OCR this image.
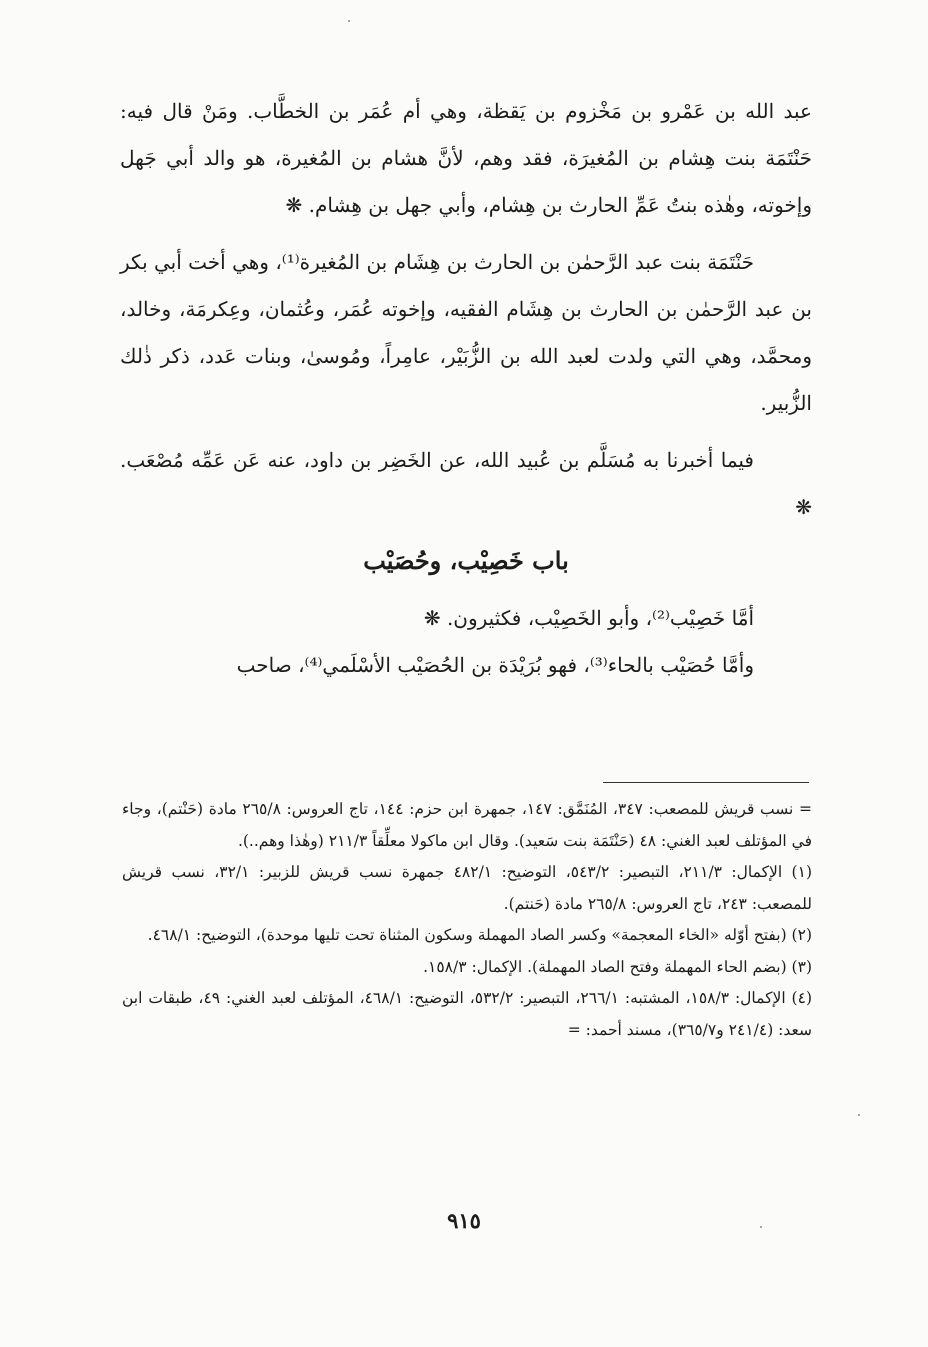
عبد الله بن عَمْرو بن مَخْزوم بن يَقظة، وهي أم عُمَر بن الخطَّاب. ومَنْ قال فيه: حَنْتَمَة بنت هِشام بن المُغيرَة، فقد وهم، لأنَّ هشام بن المُغيرة، هو والد أبي جَهل وإخوته، وهٰذه بنتُ عَمِّ الحارث بن هِشام، وأبي جهل بن هِشام. ❋

حَنْتَمَة بنت عبد الرَّحمٰن بن الحارث بن هِشَام بن المُغيرة⁽¹⁾، وهي أخت أبي بكر بن عبد الرَّحمٰن بن الحارث بن هِشَام الفقيه، وإخوته عُمَر، وعُثمان، وعِكرمَة، وخالد، ومحمَّد، وهي التي ولدت لعبد الله بن الزُّبَيْر، عامِراً، ومُوسىٰ، وبنات عَدد، ذكر ذٰلك الزُّبير.

فيما أخبرنا به مُسَلَّم بن عُبيد الله، عن الخَضِر بن داود، عنه عَن عَمِّه مُصْعَب. ❋

باب خَصِيْب، وحُصَيْب

أمَّا خَصِيْب⁽²⁾، وأبو الخَصِيْب، فكثيرون. ❋

وأمَّا حُصَيْب بالحاء⁽³⁾، فهو بُرَيْدَة بن الحُصَيْب الأسْلَمي⁽⁴⁾، صاحب

= نسب قريش للمصعب: ٣٤٧، المُنَمَّق: ١٤٧، جمهرة ابن حزم: ١٤٤، تاج العروس: ٢٦٥/٨ مادة (حَنْتم)، وجاء في المؤتلف لعبد الغني: ٤٨ (حَنْتَمَة بنت سَعيد). وقال ابن ماكولا معلِّقاً ٢١١/٣ (وهٰذا وهم..).

(١) الإكمال: ٢١١/٣، التبصير: ٥٤٣/٢، التوضيح: ٤٨٢/١ جمهرة نسب قريش للزبير: ٣٢/١، نسب قريش للمصعب: ٢٤٣، تاج العروس: ٢٦٥/٨ مادة (حَنتم).

(٢) (بفتح أوّله «الخاء المعجمة» وكسر الصاد المهملة وسكون المثناة تحت تليها موحدة)، التوضيح: ٤٦٨/١.

(٣) (بضم الحاء المهملة وفتح الصاد المهملة). الإكمال: ١٥٨/٣.

(٤) الإكمال: ١٥٨/٣، المشتبه: ٢٦٦/١، التبصير: ٥٣٢/٢، التوضيح: ٤٦٨/١، المؤتلف لعبد الغني: ٤٩، طبقات ابن سعد: (٢٤١/٤ و٣٦٥/٧)، مسند أحمد: =

٩١٥
